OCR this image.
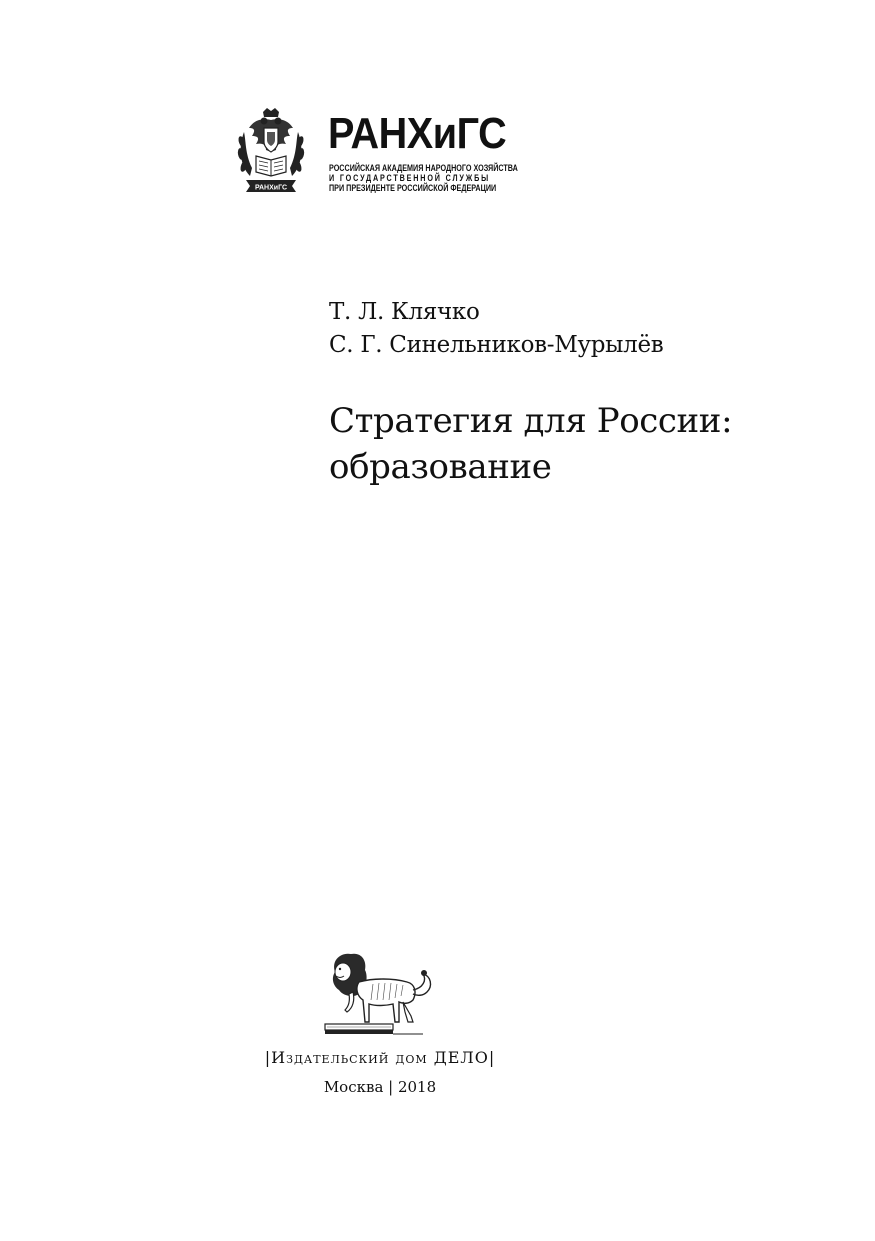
РАНХиГС
РАНХиГС
РОССИЙСКАЯ АКАДЕМИЯ НАРОДНОГО ХОЗЯЙСТВА
И ГОСУДАРСТВЕННОЙ СЛУЖБЫ
ПРИ ПРЕЗИДЕНТЕ РОССИЙСКОЙ ФЕДЕРАЦИИ
Т. Л. Клячко
С. Г. Синельников-Мурылёв
Стратегия для России:
образование
|Издательский дом ДЕЛО|
Москва | 2018
